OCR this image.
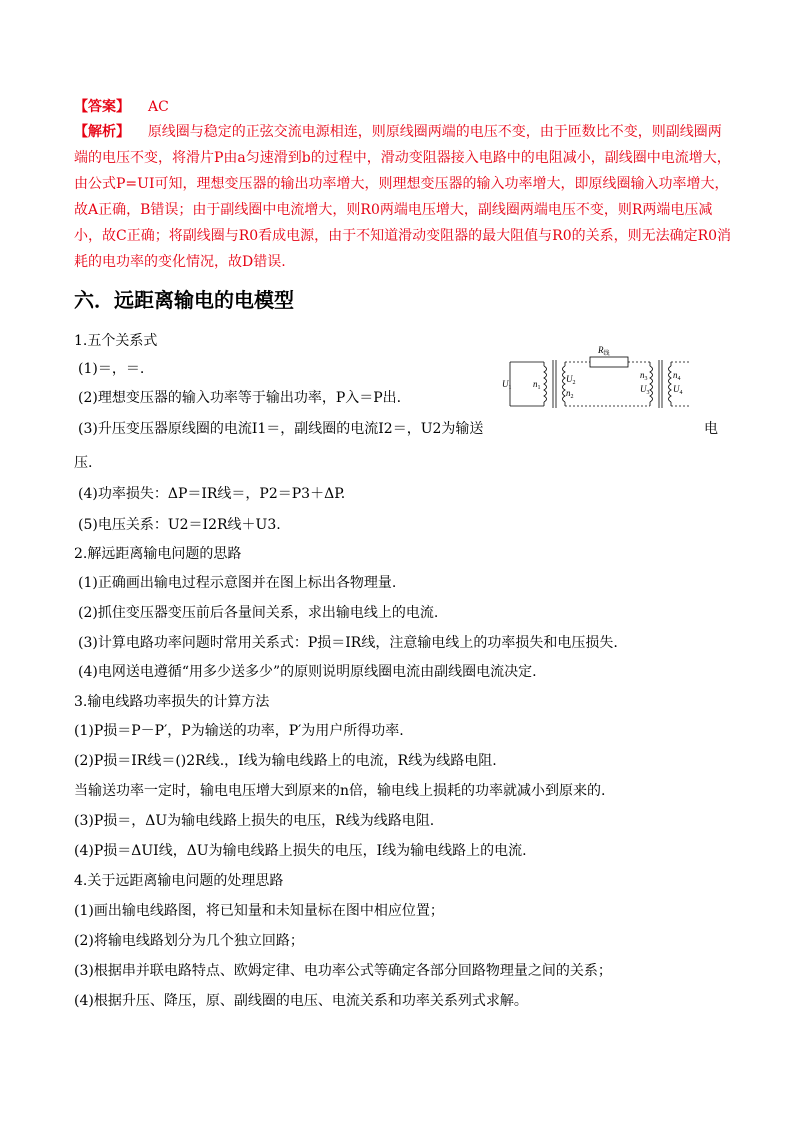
【答案】 AC
【解析】 原线圈与稳定的正弦交流电源相连，则原线圈两端的电压不变，由于匝数比不变，则副线圈两端的电压不变，将滑片P由a匀速滑到b的过程中，滑动变阻器接入电路中的电阻减小，副线圈中电流增大，由公式P=UI可知，理想变压器的输出功率增大，则理想变压器的输入功率增大，即原线圈输入功率增大，故A正确，B错误；由于副线圈中电流增大，则R0两端电压增大，副线圈两端电压不变，则R两端电压减小，故C正确；将副线圈与R0看成电源，由于不知道滑动变阻器的最大阻值与R0的关系，则无法确定R0消耗的电功率的变化情况，故D错误.
六．远距离输电的电模型
1.五个关系式
(1)＝，＝.
(2)理想变压器的输入功率等于输出功率，P入＝P出.
(3)升压变压器原线圈的电流I1＝，副线圈的电流I2＝，U2为输送	电
压.
(4)功率损失：ΔP＝IR线＝，P2＝P3＋ΔP.
(5)电压关系：U2＝I2R线＋U3.
2.解远距离输电问题的思路
(1)正确画出输电过程示意图并在图上标出各物理量.
(2)抓住变压器变压前后各量间关系，求出输电线上的电流.
(3)计算电路功率问题时常用关系式：P损＝IR线，注意输电线上的功率损失和电压损失.
(4)电网送电遵循“用多少送多少”的原则说明原线圈电流由副线圈电流决定.
3.输电线路功率损失的计算方法
(1)P损＝P－P′，P为输送的功率，P′为用户所得功率.
(2)P损＝IR线＝()2R线.，I线为输电线路上的电流，R线为线路电阻.
当输送功率一定时，输电电压增大到原来的n倍，输电线上损耗的功率就减小到原来的.
(3)P损＝，ΔU为输电线路上损失的电压，R线为线路电阻.
(4)P损＝ΔUI线，ΔU为输电线路上损失的电压，I线为输电线路上的电流.
4.关于远距离输电问题的处理思路
(1)画出输电线路图，将已知量和未知量标在图中相应位置；
(2)将输电线路划分为几个独立回路；
(3)根据串并联电路特点、欧姆定律、电功率公式等确定各部分回路物理量之间的关系；
(4)根据升压、降压，原、副线圈的电压、电流关系和功率关系列式求解。
$R_线$
$U_1$ $n_1$
$U_2$
$n_2$
$n_3$
$U_3$
$n_4$
$U_4$
